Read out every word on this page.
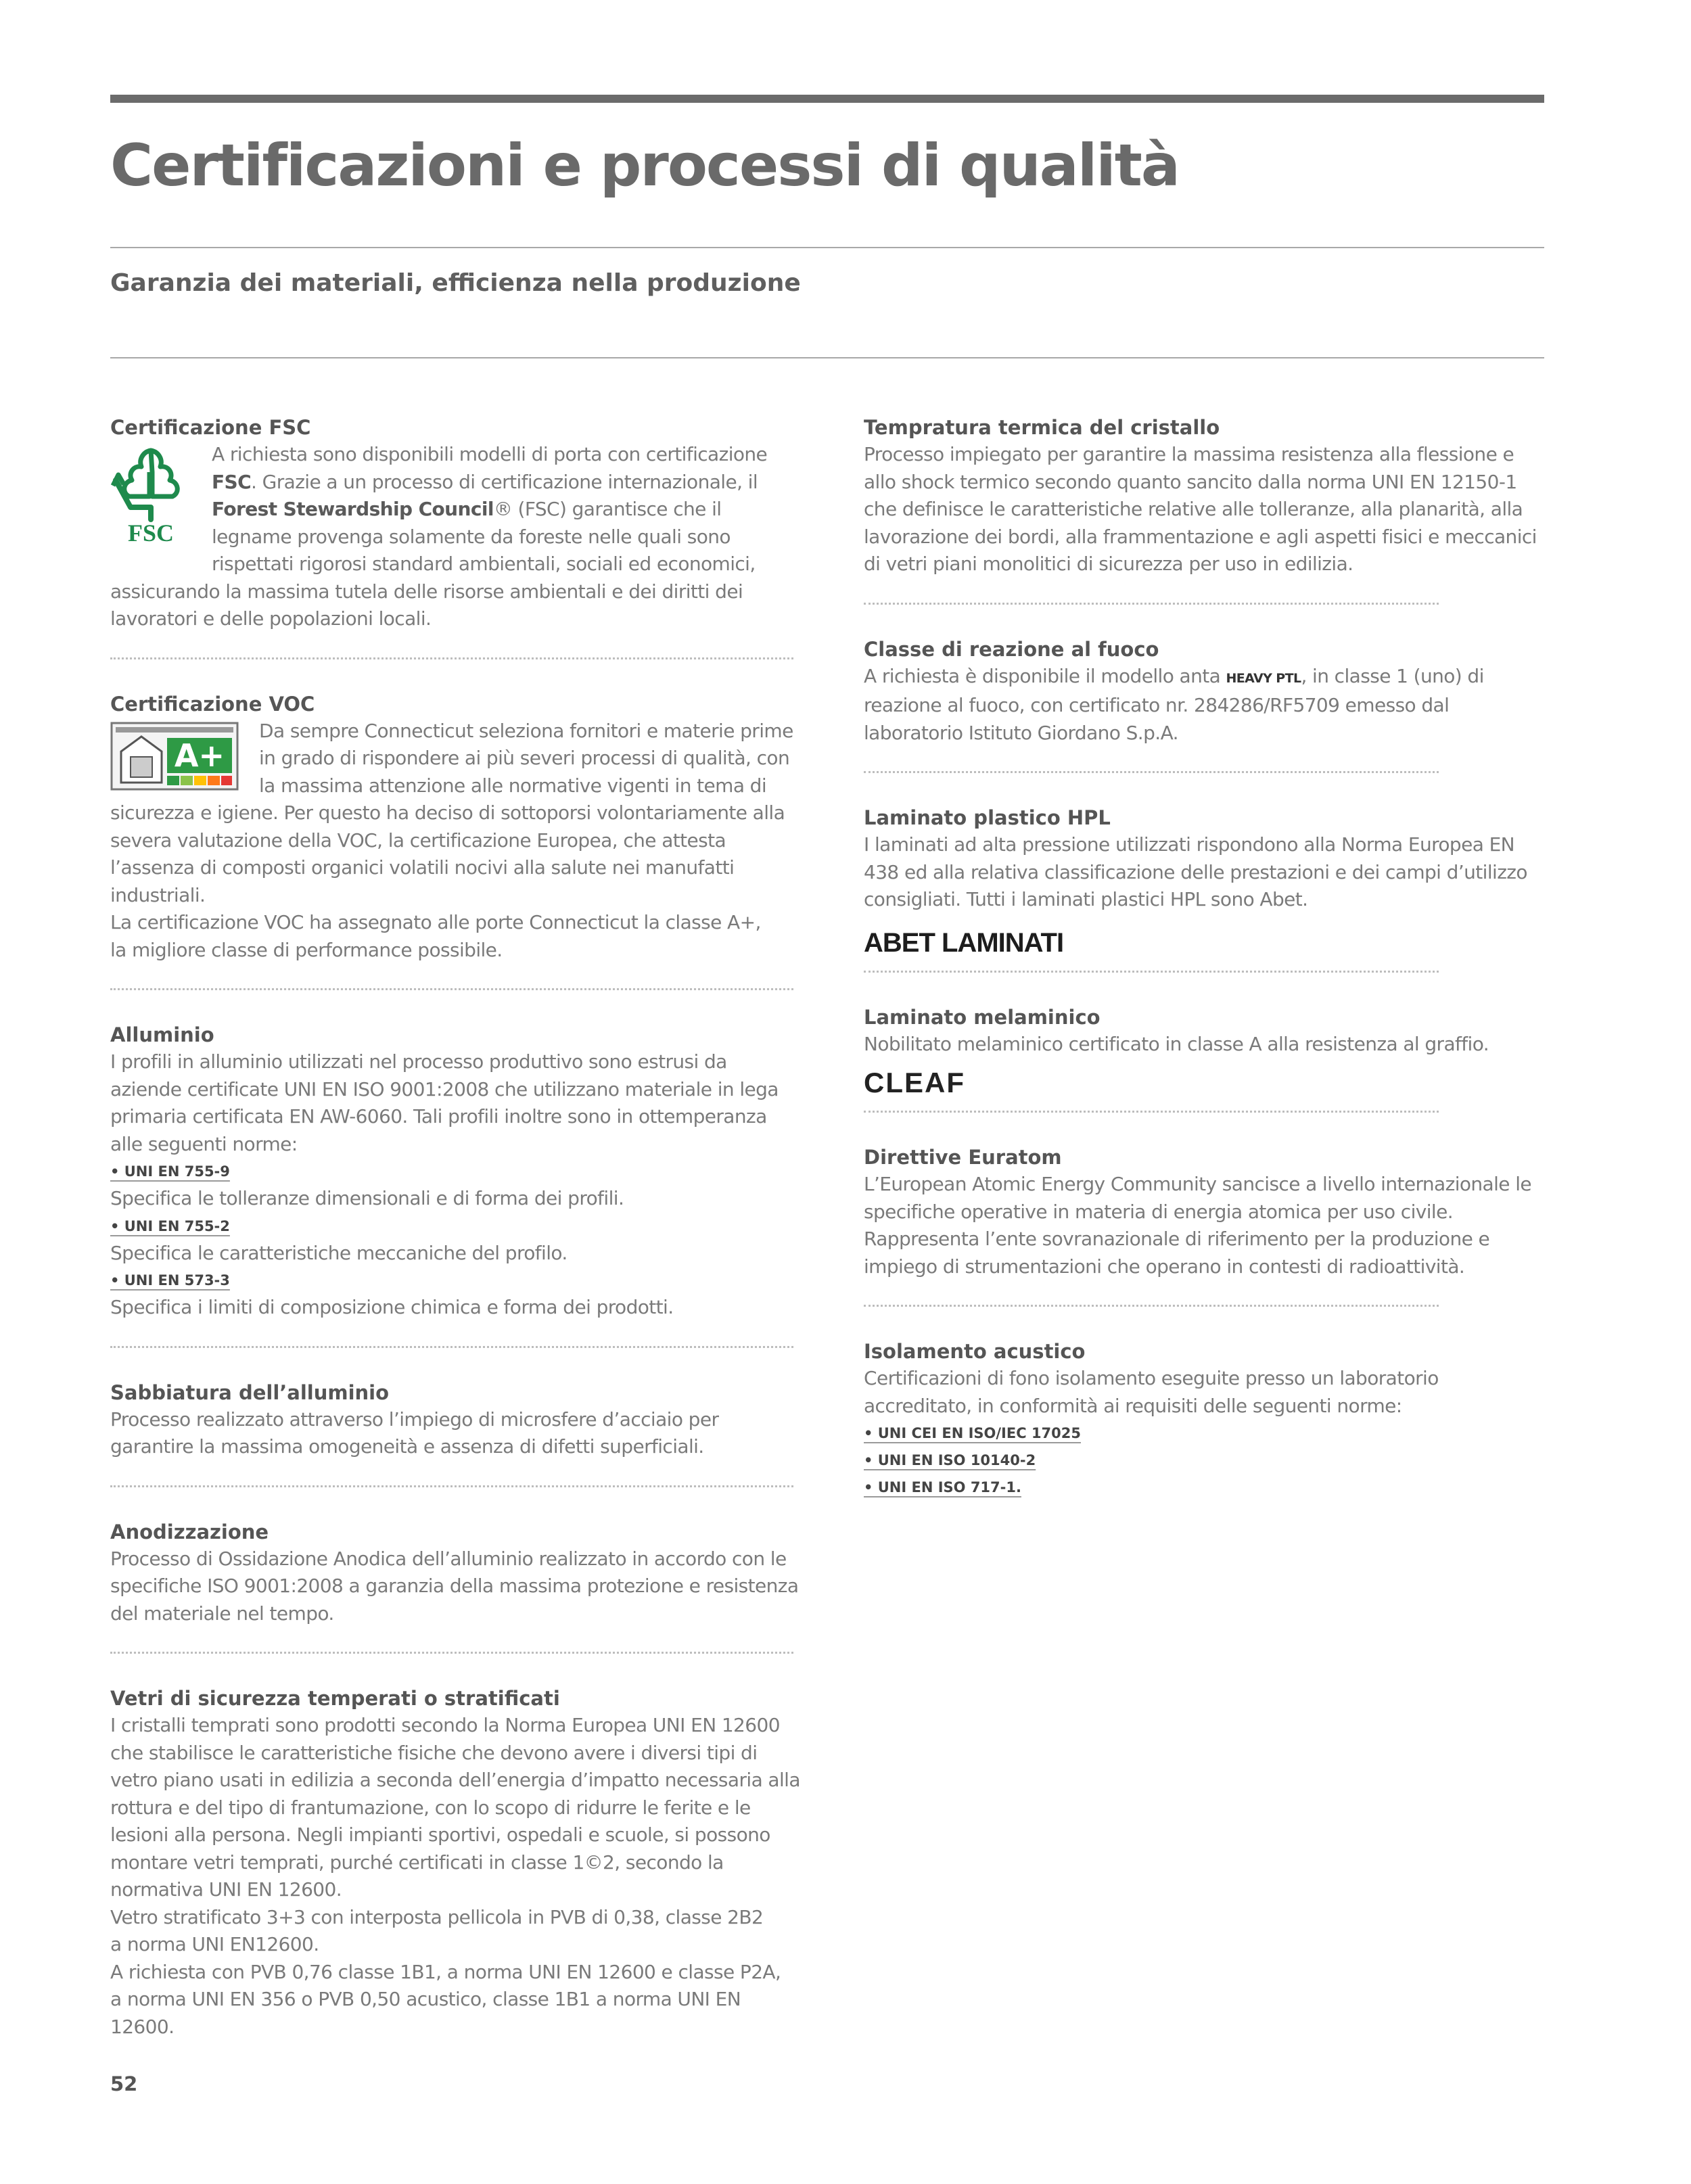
Certificazioni e processi di qualità
Garanzia dei materiali, efficienza nella produzione
Certificazione FSC
FSC

A richiesta sono disponibili modelli di porta con certificazione FSC. Grazie a un processo di certificazione internazionale, il Forest Stewardship Council® (FSC) garantisce che il legname provenga solamente da foreste nelle quali sono rispettati rigorosi standard ambientali, sociali ed economici, assicurando la massima tutela delle risorse ambientali e dei diritti dei lavoratori e delle popolazioni locali.

Certificazione VOC
A+

Da sempre Connecticut seleziona fornitori e materie prime in grado di rispondere ai più severi processi di qualità, con la massima attenzione alle normative vigenti in tema di sicurezza e igiene. Per questo ha deciso di sottoporsi volontariamente alla severa valutazione della VOC, la certificazione Europea, che attesta l’assenza di composti organici volatili nocivi alla salute nei manufatti industriali.

La certificazione VOC ha assegnato alle porte Connecticut la classe A+,

la migliore classe di performance possibile.

Alluminio

I profili in alluminio utilizzati nel processo produttivo sono estrusi da aziende certificate UNI EN ISO 9001:2008 che utilizzano materiale in lega primaria certificata EN AW-6060. Tali profili inoltre sono in ottemperanza alle seguenti norme:

• UNI EN 755-9

Specifica le tolleranze dimensionali e di forma dei profili.

• UNI EN 755-2

Specifica le caratteristiche meccaniche del profilo.

• UNI EN 573-3

Specifica i limiti di composizione chimica e forma dei prodotti.

Sabbiatura dell’alluminio

Processo realizzato attraverso l’impiego di microsfere d’acciaio per garantire la massima omogeneità e assenza di difetti superficiali.

Anodizzazione

Processo di Ossidazione Anodica dell’alluminio realizzato in accordo con le specifiche ISO 9001:2008 a garanzia della massima protezione e resistenza del materiale nel tempo.

Vetri di sicurezza temperati o stratificati

I cristalli temprati sono prodotti secondo la Norma Europea UNI EN 12600 che stabilisce le caratteristiche fisiche che devono avere i diversi tipi di vetro piano usati in edilizia a seconda dell’energia d’impatto necessaria alla rottura e del tipo di frantumazione, con lo scopo di ridurre le ferite e le lesioni alla persona. Negli impianti sportivi, ospedali e scuole, si possono montare vetri temprati, purché certificati in classe 1©2, secondo la normativa UNI EN 12600.

Vetro stratificato 3+3 con interposta pellicola in PVB di 0,38, classe 2B2

a norma UNI EN12600.

A richiesta con PVB 0,76 classe 1B1, a norma UNI EN 12600 e classe P2A,

a norma UNI EN 356 o PVB 0,50 acustico, classe 1B1 a norma UNI EN 12600.

Tempratura termica del cristallo

Processo impiegato per garantire la massima resistenza alla flessione e allo shock termico secondo quanto sancito dalla norma UNI EN 12150-1 che definisce le caratteristiche relative alle tolleranze, alla planarità, alla lavorazione dei bordi, alla frammentazione e agli aspetti fisici e meccanici di vetri piani monolitici di sicurezza per uso in edilizia.

Classe di reazione al fuoco

A richiesta è disponibile il modello anta HEAVY PTL, in classe 1 (uno) di reazione al fuoco, con certificato nr. 284286/RF5709 emesso dal laboratorio Istituto Giordano S.p.A.

Laminato plastico HPL

I laminati ad alta pressione utilizzati rispondono alla Norma Europea EN 438 ed alla relativa classificazione delle prestazioni e dei campi d’utilizzo consigliati. Tutti i laminati plastici HPL sono Abet.

ABET LAMINATI
Laminato melaminico

Nobilitato melaminico certificato in classe A alla resistenza al graffio.

CLEAF
Direttive Euratom

L’European Atomic Energy Community sancisce a livello internazionale le specifiche operative in materia di energia atomica per uso civile. Rappresenta l’ente sovranazionale di riferimento per la produzione e impiego di strumentazioni che operano in contesti di radioattività.

Isolamento acustico

Certificazioni di fono isolamento eseguite presso un laboratorio accreditato, in conformità ai requisiti delle seguenti norme:

• UNI CEI EN ISO/IEC 17025
• UNI EN ISO 10140-2
• UNI EN ISO 717-1.
52
